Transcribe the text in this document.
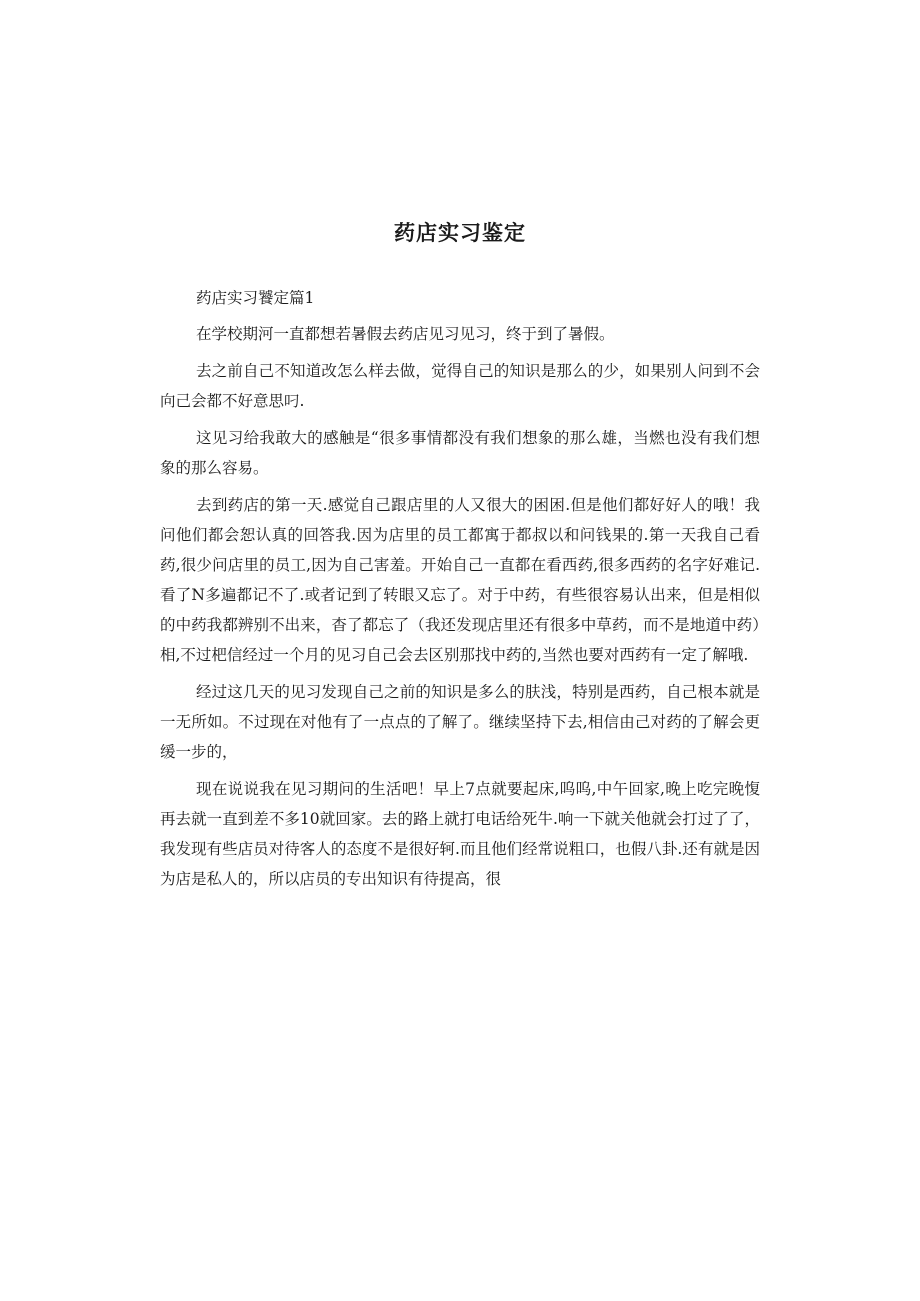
药店实习鉴定

药店实习饕定篇1

在学校期河一直都想若暑假去药店见习见习，终于到了暑假。

去之前自己不知道改怎么样去做，觉得自己的知识是那么的少，如果别人问到不会向己会都不好意思叼.

这见习给我敢大的感触是“很多事情都没有我们想象的那么雄，当燃也没有我们想象的那么容易。

去到药店的第一天.感觉自己跟店里的人又很大的困困.但是他们都好好人的哦！我问他们都会恕认真的回答我.因为店里的员工都寓于都叔以和问钱果的.第一天我自己看药,很少问店里的员工,因为自己害羞。开始自己一直都在看西药,很多西药的名字好难记.看了N多遍都记不了.或者记到了转眼又忘了。对于中药，有些很容易认出来，但是相似的中药我都辨别不出来，杳了都忘了（我还发现店里还有很多中草药，而不是地道中药）相,不过杷信经过一个月的见习自己会去区别那找中药的,当然也要对西药有一定了解哦.

经过这几天的见习发现自己之前的知识是多么的肤浅，特别是西药，自己根本就是一无所如。不过现在对他有了一点点的了解了。继续坚持下去,相信由己对药的了解会更缓一步的，

现在说说我在见习期问的生活吧！早上7点就要起床,呜呜,中午回家,晚上吃完晚愎再去就一直到差不多10就回家。去的路上就打电话给死牛.响一下就关他就会打过了了，我发现有些店员对待客人的态度不是很好轲.而且他们经常说粗口，也假八卦.还有就是因为店是私人的，所以店员的专出知识有待提高，很
